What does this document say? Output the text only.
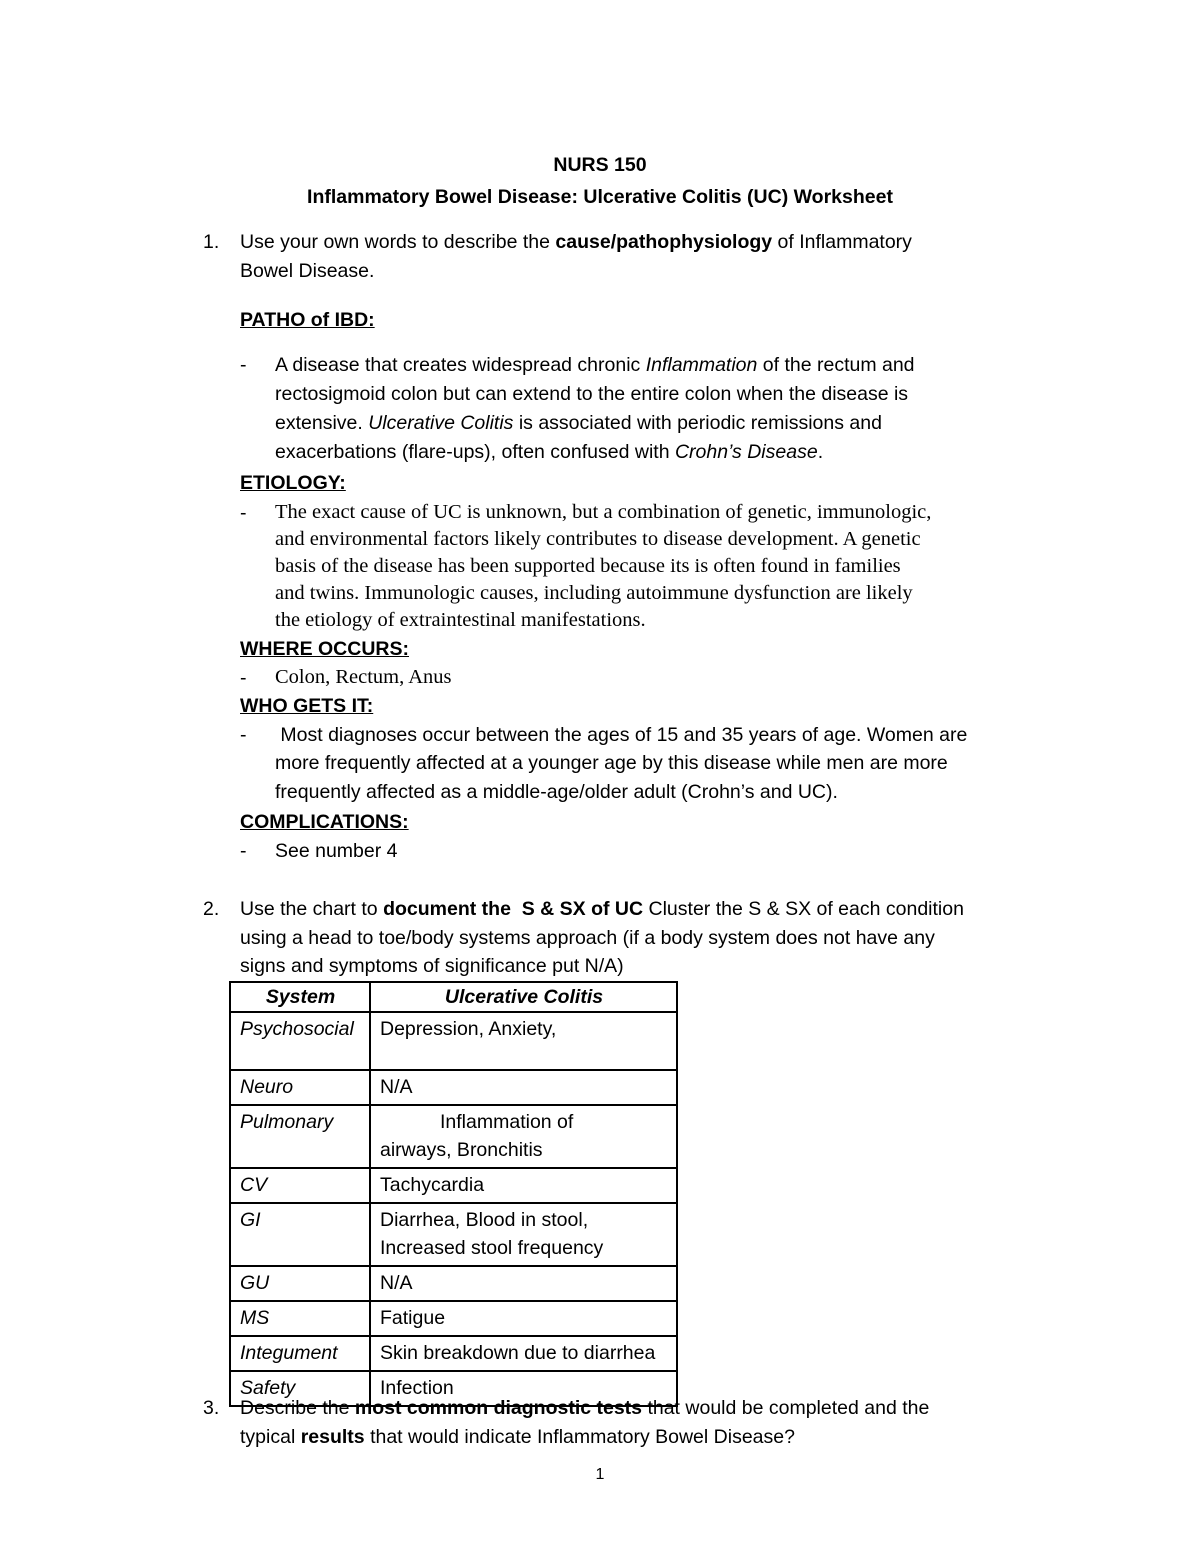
NURS 150

Inflammatory Bowel Disease: Ulcerative Colitis (UC) Worksheet

1. Use your own words to describe the cause/pathophysiology of Inflammatory

Bowel Disease.

PATHO of IBD:

- A disease that creates widespread chronic Inflammation of the rectum and

rectosigmoid colon but can extend to the entire colon when the disease is

extensive. Ulcerative Colitis is associated with periodic remissions and

exacerbations (flare-ups), often confused with Crohn’s Disease.

ETIOLOGY:

- The exact cause of UC is unknown, but a combination of genetic, immunologic,

and environmental factors likely contributes to disease development. A genetic

basis of the disease has been supported because its is often found in families

and twins. Immunologic causes, including autoimmune dysfunction are likely

the etiology of extraintestinal manifestations.

WHERE OCCURS:

- Colon, Rectum, Anus

WHO GETS IT:

- Most diagnoses occur between the ages of 15 and 35 years of age. Women are

more frequently affected at a younger age by this disease while men are more

frequently affected as a middle-age/older adult (Crohn’s and UC).

COMPLICATIONS:

- See number 4

2. Use the chart to document the  S & SX of UC Cluster the S & SX of each condition

using a head to toe/body systems approach (if a body system does not have any

signs and symptoms of significance put N/A)

System	Ulcerative Colitis
Psychosocial	Depression, Anxiety,
Neuro	N/A
Pulmonary	Inflammation of
airways, Bronchitis

CV	Tachycardia
GI	Diarrhea, Blood in stool, Increased stool frequency
GU	N/A
MS	Fatigue
Integument	Skin breakdown due to diarrhea
Safety	Infection
3. Describe the most common diagnostic tests that would be completed and the

typical results that would indicate Inflammatory Bowel Disease?

1
